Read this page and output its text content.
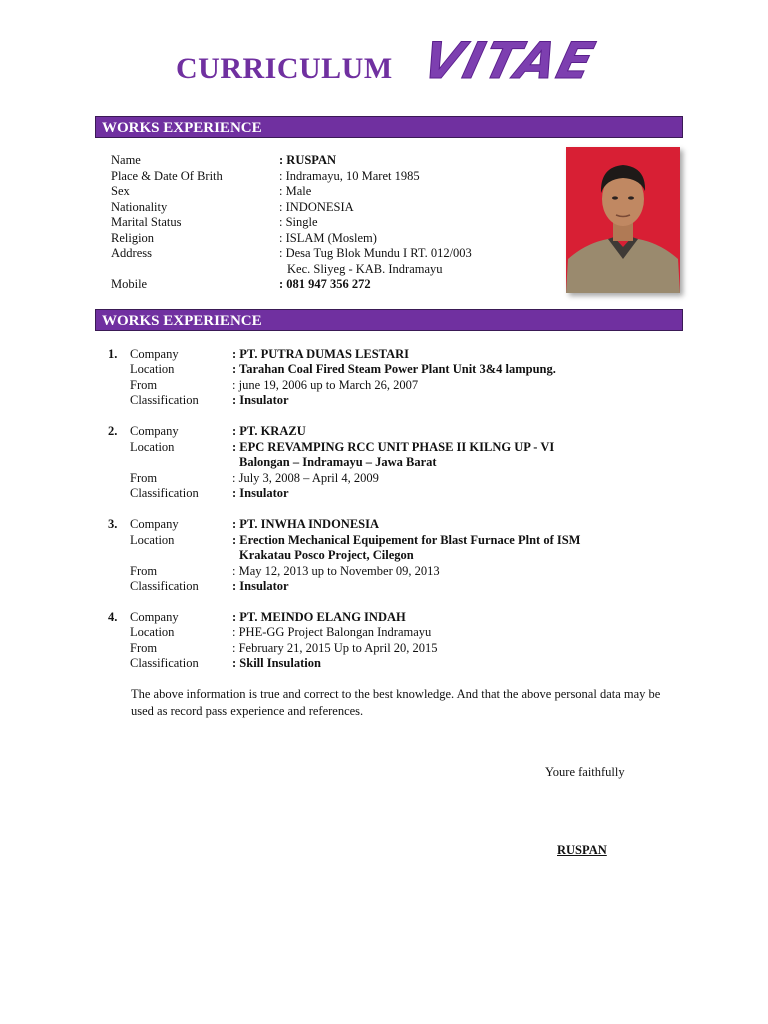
CURRICULUM VITAE
WORKS EXPERIENCE
Name	: RUSPAN
Place & Date Of Brith	: Indramayu, 10 Maret 1985
Sex	: Male
Nationality	: INDONESIA
Marital Status	: Single
Religion	: ISLAM (Moslem)
Address	: Desa Tug Blok Mundu I RT. 012/003
Kec. Sliyeg - KAB. Indramayu
Mobile	: 081 947 356 272
WORKS EXPERIENCE
1. Company	: PT. PUTRA DUMAS LESTARI
Location	: Tarahan Coal Fired Steam Power Plant Unit 3&4 lampung.
From	: june 19, 2006 up to March 26, 2007
Classification	: Insulator
2. Company	: PT. KRAZU
Location	: EPC REVAMPING RCC UNIT PHASE II KILNG UP - VI
Balongan – Indramayu – Jawa Barat
From	: July 3, 2008 – April 4, 2009
Classification	: Insulator
3. Company	: PT. INWHA INDONESIA
Location	: Erection Mechanical Equipement for Blast Furnace Plnt of ISM
Krakatau Posco Project, Cilegon
From	: May 12, 2013 up to November 09, 2013
Classification	: Insulator
4. Company	: PT. MEINDO ELANG INDAH
Location	: PHE-GG Project Balongan Indramayu
From	: February 21, 2015 Up to April 20, 2015
Classification	: Skill Insulation
The above information is true and correct to the best knowledge. And that the above personal data may be used as record pass experience and references.
Youre faithfully
RUSPAN
